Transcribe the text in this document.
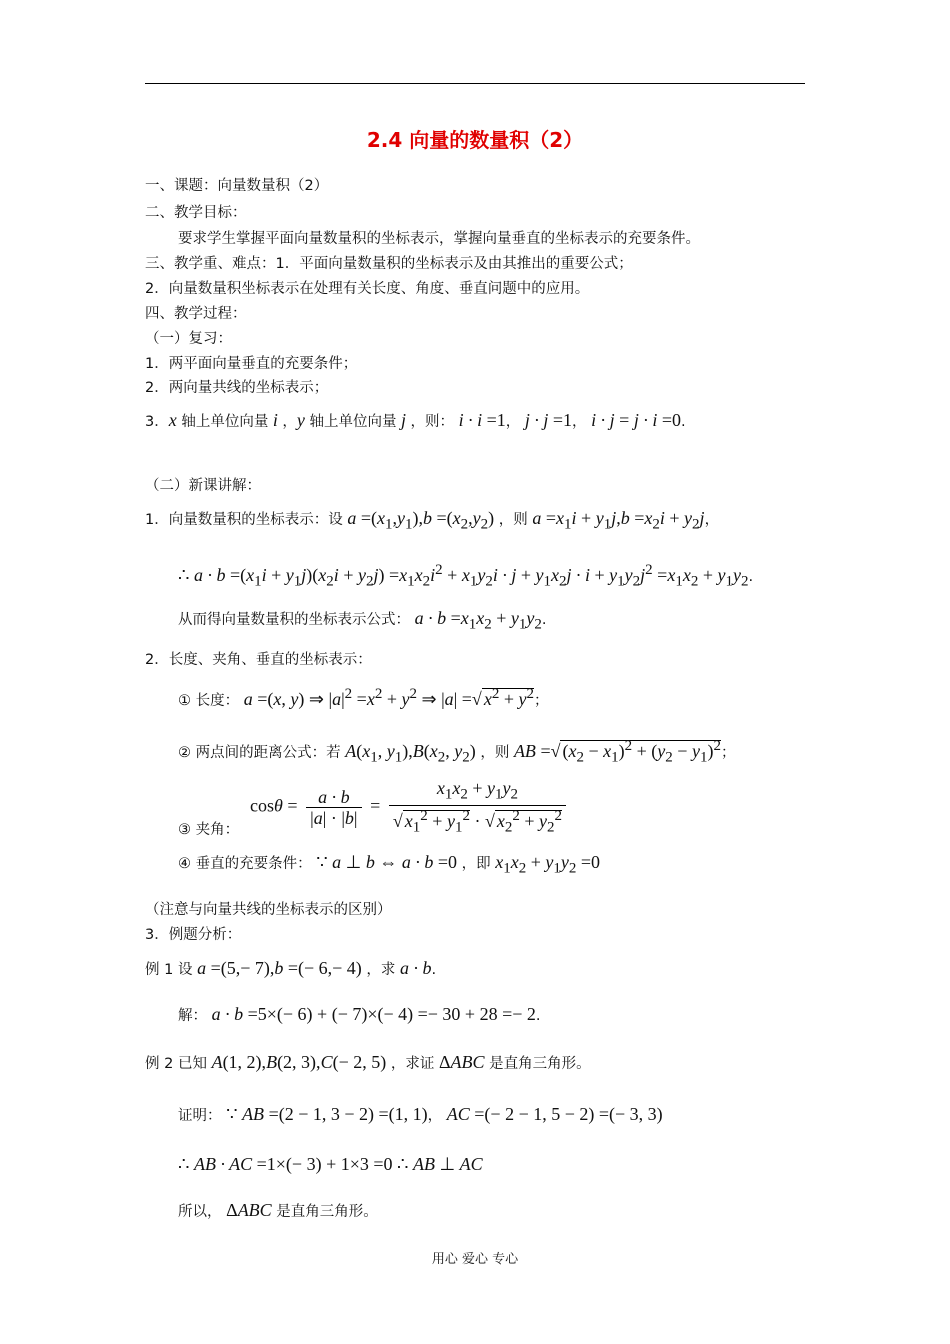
2.4 向量的数量积（2）
一、课题：向量数量积（2）
二、教学目标：
要求学生掌握平面向量数量积的坐标表示，掌握向量垂直的坐标表示的充要条件。
三、教学重、难点：1．平面向量数量积的坐标表示及由其推出的重要公式；
2．向量数量积坐标表示在处理有关长度、角度、垂直问题中的应用。
四、教学过程：
（一）复习：
1．两平面向量垂直的充要条件；
2．两向量共线的坐标表示；
3．x 轴上单位向量 i ，y 轴上单位向量 j ，则： i · i =1， j · j =1， i · j = j · i =0.
（二）新课讲解：
1．向量数量积的坐标表示：设 $a =(x_1,y_1),b =(x_2,y_2)$ ，则 $a =x_1i + y_1j,b =x_2i + y_2j$，
∴ $a \cdot b =(x_1i + y_1j)(x_2i + y_2j) =x_1x_2i^2 + x_1y_2i \cdot j + y_1x_2j \cdot i + y_1y_2j^2 =x_1x_2 + y_1y_2$.
从而得向量数量积的坐标表示公式： $a \cdot b =x_1x_2 + y_1y_2$.
2．长度、夹角、垂直的坐标表示：
① 长度： a =(x, y) ⇒ $|a|^2 =x^2 + y^2$ ⇒ |a| =√ $x^2 + y^2$；
② 两点间的距离公式：若 $A(x_1$, $y_1),B(x_2$, $y_2$) ，则 AB =√ $(x_2 - x_1)^2 + (y_2 - y_1)^2$；
$\cos\theta = \frac{a \cdot b}{|a| \cdot |b|} = \frac{x_1x_2 + y_1y_2}{√ x_1^2 + y_1^2 \cdot √ x_2^2 + y_2^2}$
③ 夹角：
④ 垂直的充要条件： ∵ a ⊥ b ⇔ a · b =0 ，即 $x_1x_2 + y_1y_2 =0$
（注意与向量共线的坐标表示的区别）
3．例题分析：
例 1 设 a =(5,− 7),b =(− 6,− 4) ，求 a · b.
解： a · b =5×(− 6) + (− 7)×(− 4) =− 30 + 28 =− 2.
例 2 已知 A(1, 2),B(2, 3),C(− 2, 5) ，求证 ΔABC 是直角三角形。
证明： ∵ AB =(2 − 1, 3 − 2) =(1, 1)， AC =(− 2 − 1, 5 − 2) =(− 3, 3)
∴ AB · AC =1×(− 3) + 1×3 =0 ∴ AB ⊥ AC
所以， ΔABC 是直角三角形。
用心 爱心 专心
